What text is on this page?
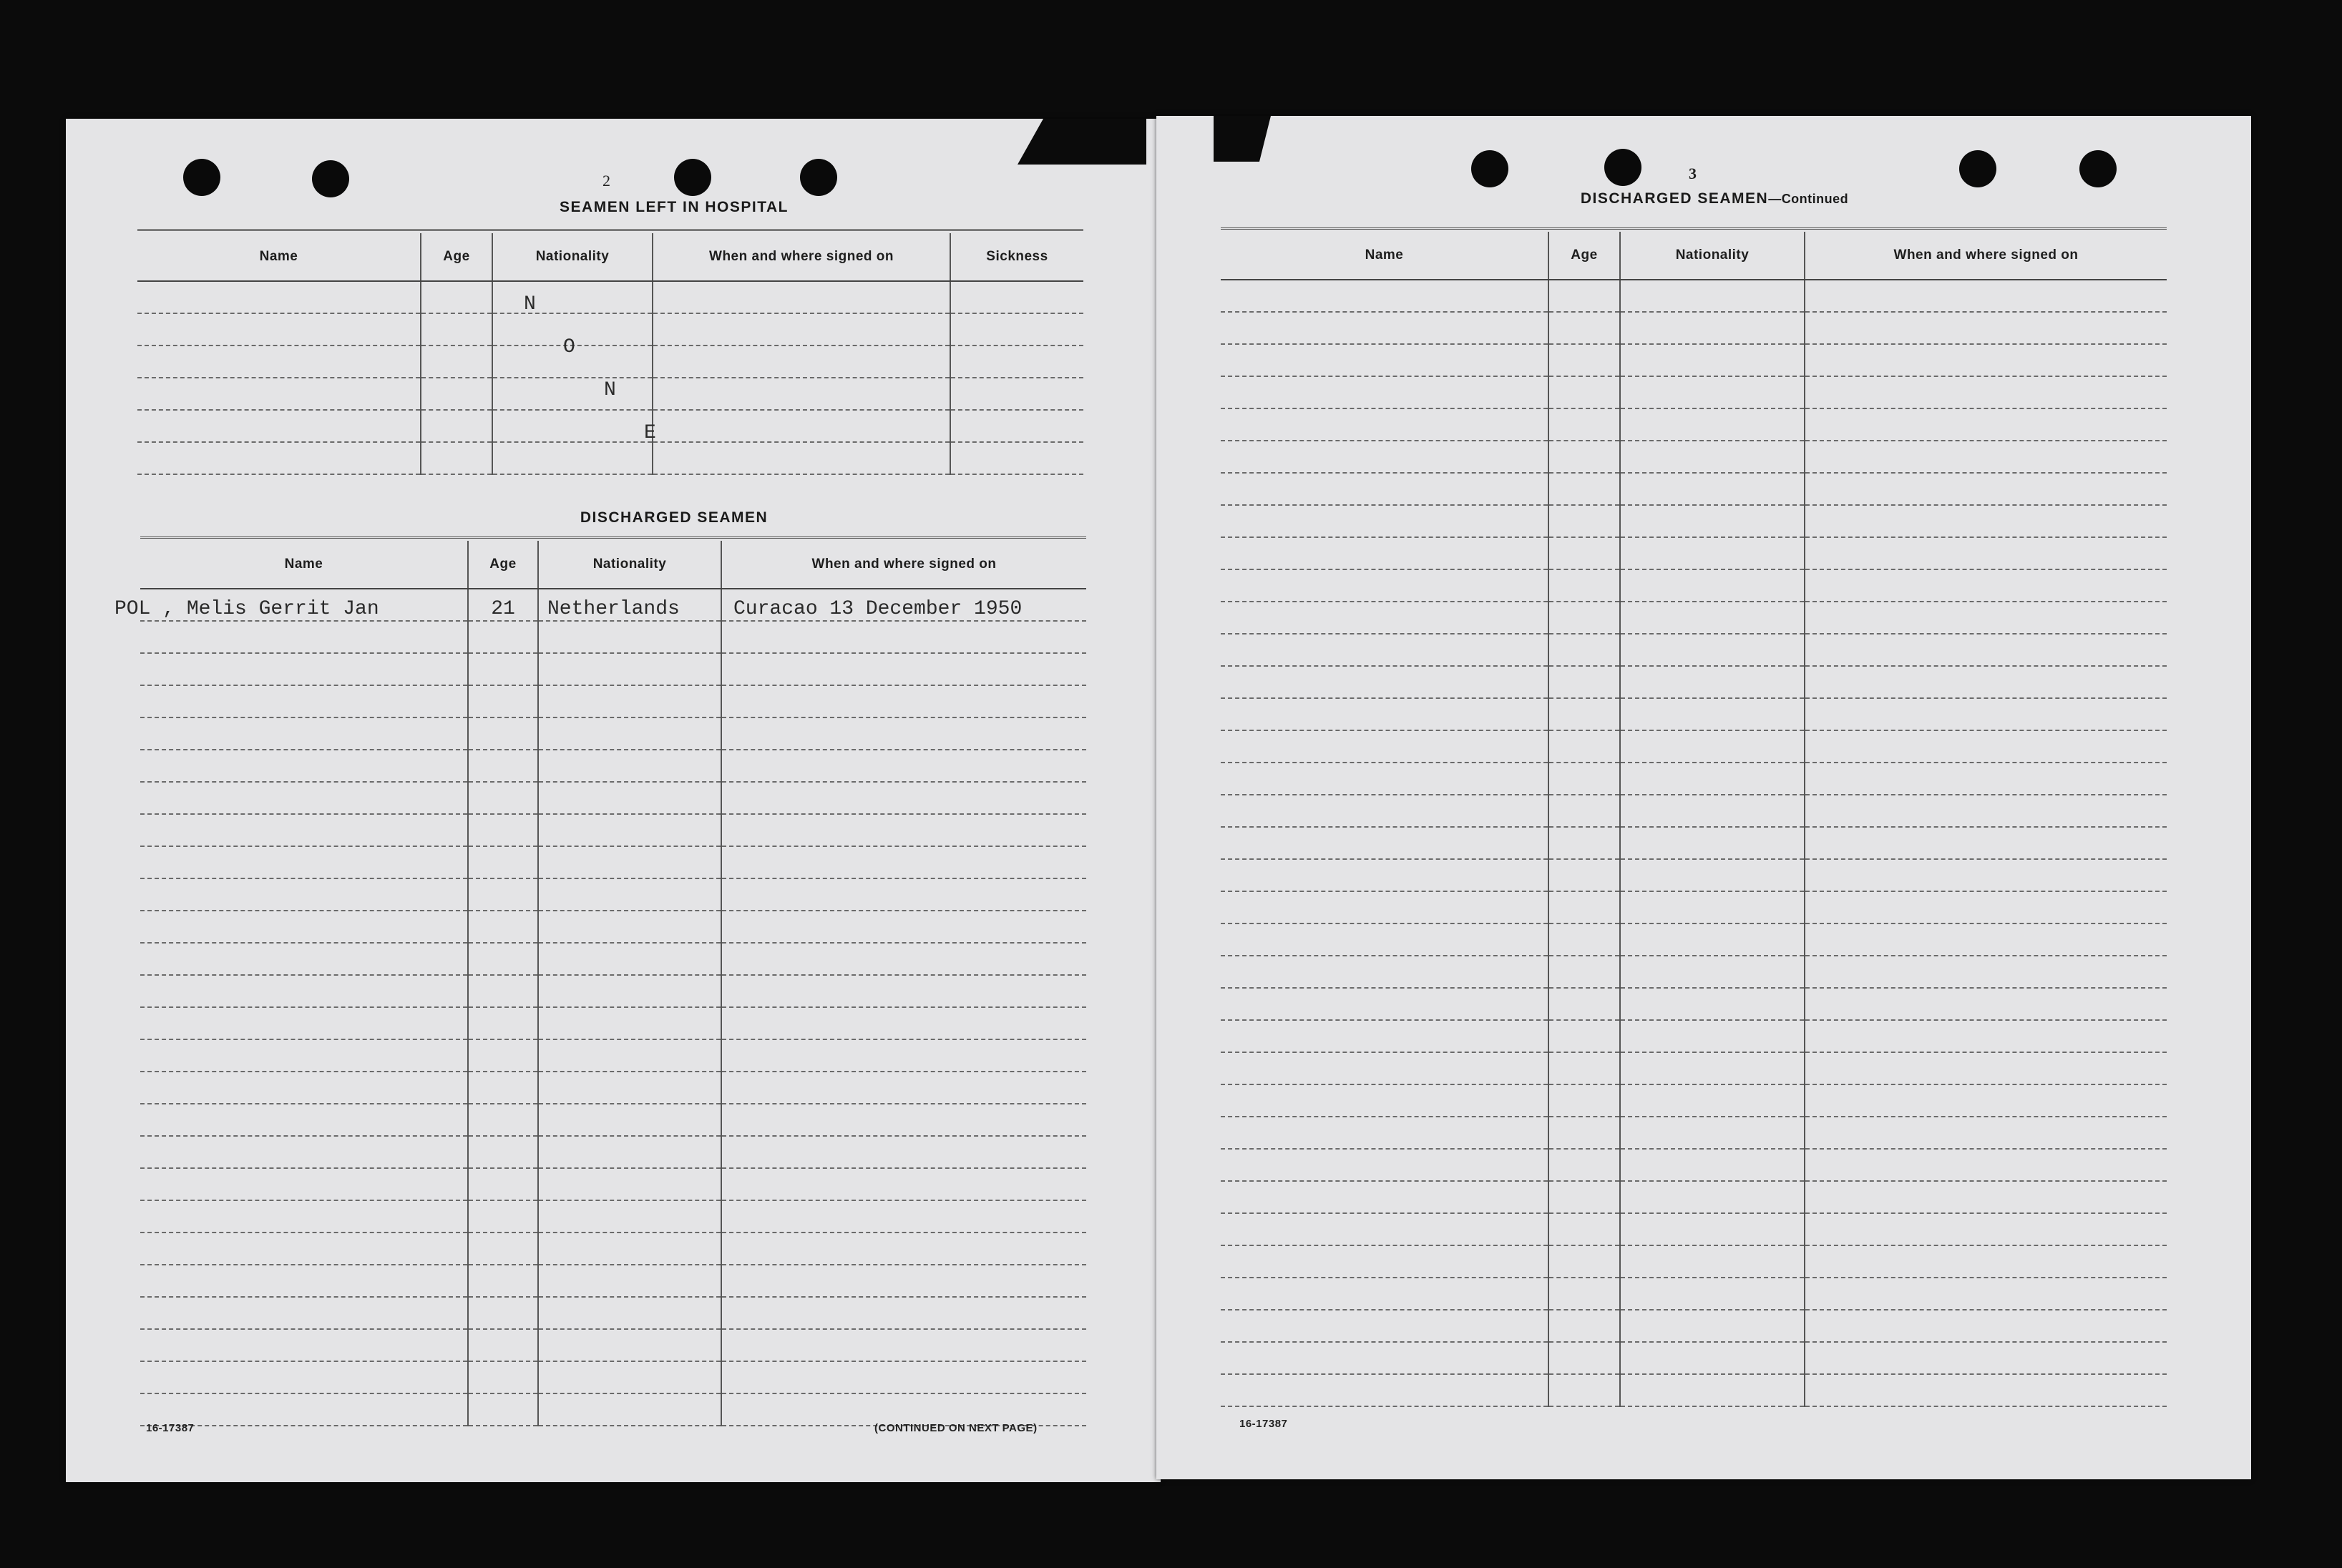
2
SEAMEN LEFT IN HOSPITAL
Name	Age	Nationality	When and where signed on	Sickness

N
O
N
E
DISCHARGED SEAMEN
Name	Age	Nationality	When and where signed on
POL , Melis Gerrit Jan	21	Netherlands	Curacao 13 December 1950

16-17387	(CONTINUED ON NEXT PAGE)
3
DISCHARGED SEAMEN—Continued
Name	Age	Nationality	When and where signed on

16-17387
